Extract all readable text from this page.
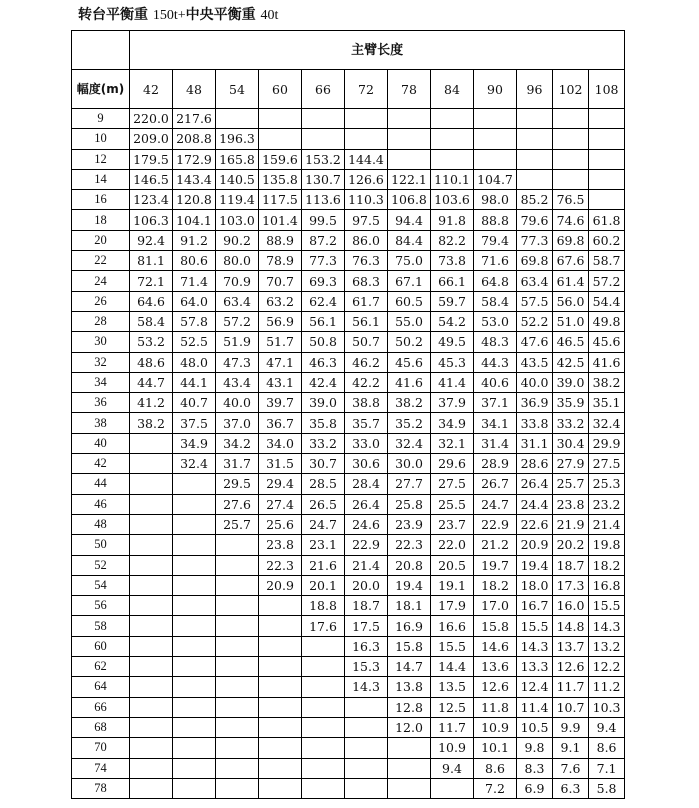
转台平衡重 150t+中央平衡重 40t
	主臂长度											
幅度(m)	42	48	54	60	66	72	78	84	90	96	102	108
9	220.0	217.6										
10	209.0	208.8	196.3									
12	179.5	172.9	165.8	159.6	153.2	144.4						
14	146.5	143.4	140.5	135.8	130.7	126.6	122.1	110.1	104.7			
16	123.4	120.8	119.4	117.5	113.6	110.3	106.8	103.6	98.0	85.2	76.5	
18	106.3	104.1	103.0	101.4	99.5	97.5	94.4	91.8	88.8	79.6	74.6	61.8
20	92.4	91.2	90.2	88.9	87.2	86.0	84.4	82.2	79.4	77.3	69.8	60.2
22	81.1	80.6	80.0	78.9	77.3	76.3	75.0	73.8	71.6	69.8	67.6	58.7
24	72.1	71.4	70.9	70.7	69.3	68.3	67.1	66.1	64.8	63.4	61.4	57.2
26	64.6	64.0	63.4	63.2	62.4	61.7	60.5	59.7	58.4	57.5	56.0	54.4
28	58.4	57.8	57.2	56.9	56.1	56.1	55.0	54.2	53.0	52.2	51.0	49.8
30	53.2	52.5	51.9	51.7	50.8	50.7	50.2	49.5	48.3	47.6	46.5	45.6
32	48.6	48.0	47.3	47.1	46.3	46.2	45.6	45.3	44.3	43.5	42.5	41.6
34	44.7	44.1	43.4	43.1	42.4	42.2	41.6	41.4	40.6	40.0	39.0	38.2
36	41.2	40.7	40.0	39.7	39.0	38.8	38.2	37.9	37.1	36.9	35.9	35.1
38	38.2	37.5	37.0	36.7	35.8	35.7	35.2	34.9	34.1	33.8	33.2	32.4
40		34.9	34.2	34.0	33.2	33.0	32.4	32.1	31.4	31.1	30.4	29.9
42		32.4	31.7	31.5	30.7	30.6	30.0	29.6	28.9	28.6	27.9	27.5
44			29.5	29.4	28.5	28.4	27.7	27.5	26.7	26.4	25.7	25.3
46			27.6	27.4	26.5	26.4	25.8	25.5	24.7	24.4	23.8	23.2
48			25.7	25.6	24.7	24.6	23.9	23.7	22.9	22.6	21.9	21.4
50				23.8	23.1	22.9	22.3	22.0	21.2	20.9	20.2	19.8
52				22.3	21.6	21.4	20.8	20.5	19.7	19.4	18.7	18.2
54				20.9	20.1	20.0	19.4	19.1	18.2	18.0	17.3	16.8
56					18.8	18.7	18.1	17.9	17.0	16.7	16.0	15.5
58					17.6	17.5	16.9	16.6	15.8	15.5	14.8	14.3
60						16.3	15.8	15.5	14.6	14.3	13.7	13.2
62						15.3	14.7	14.4	13.6	13.3	12.6	12.2
64						14.3	13.8	13.5	12.6	12.4	11.7	11.2
66							12.8	12.5	11.8	11.4	10.7	10.3
68							12.0	11.7	10.9	10.5	9.9	9.4
70								10.9	10.1	9.8	9.1	8.6
74								9.4	8.6	8.3	7.6	7.1
78									7.2	6.9	6.3	5.8
